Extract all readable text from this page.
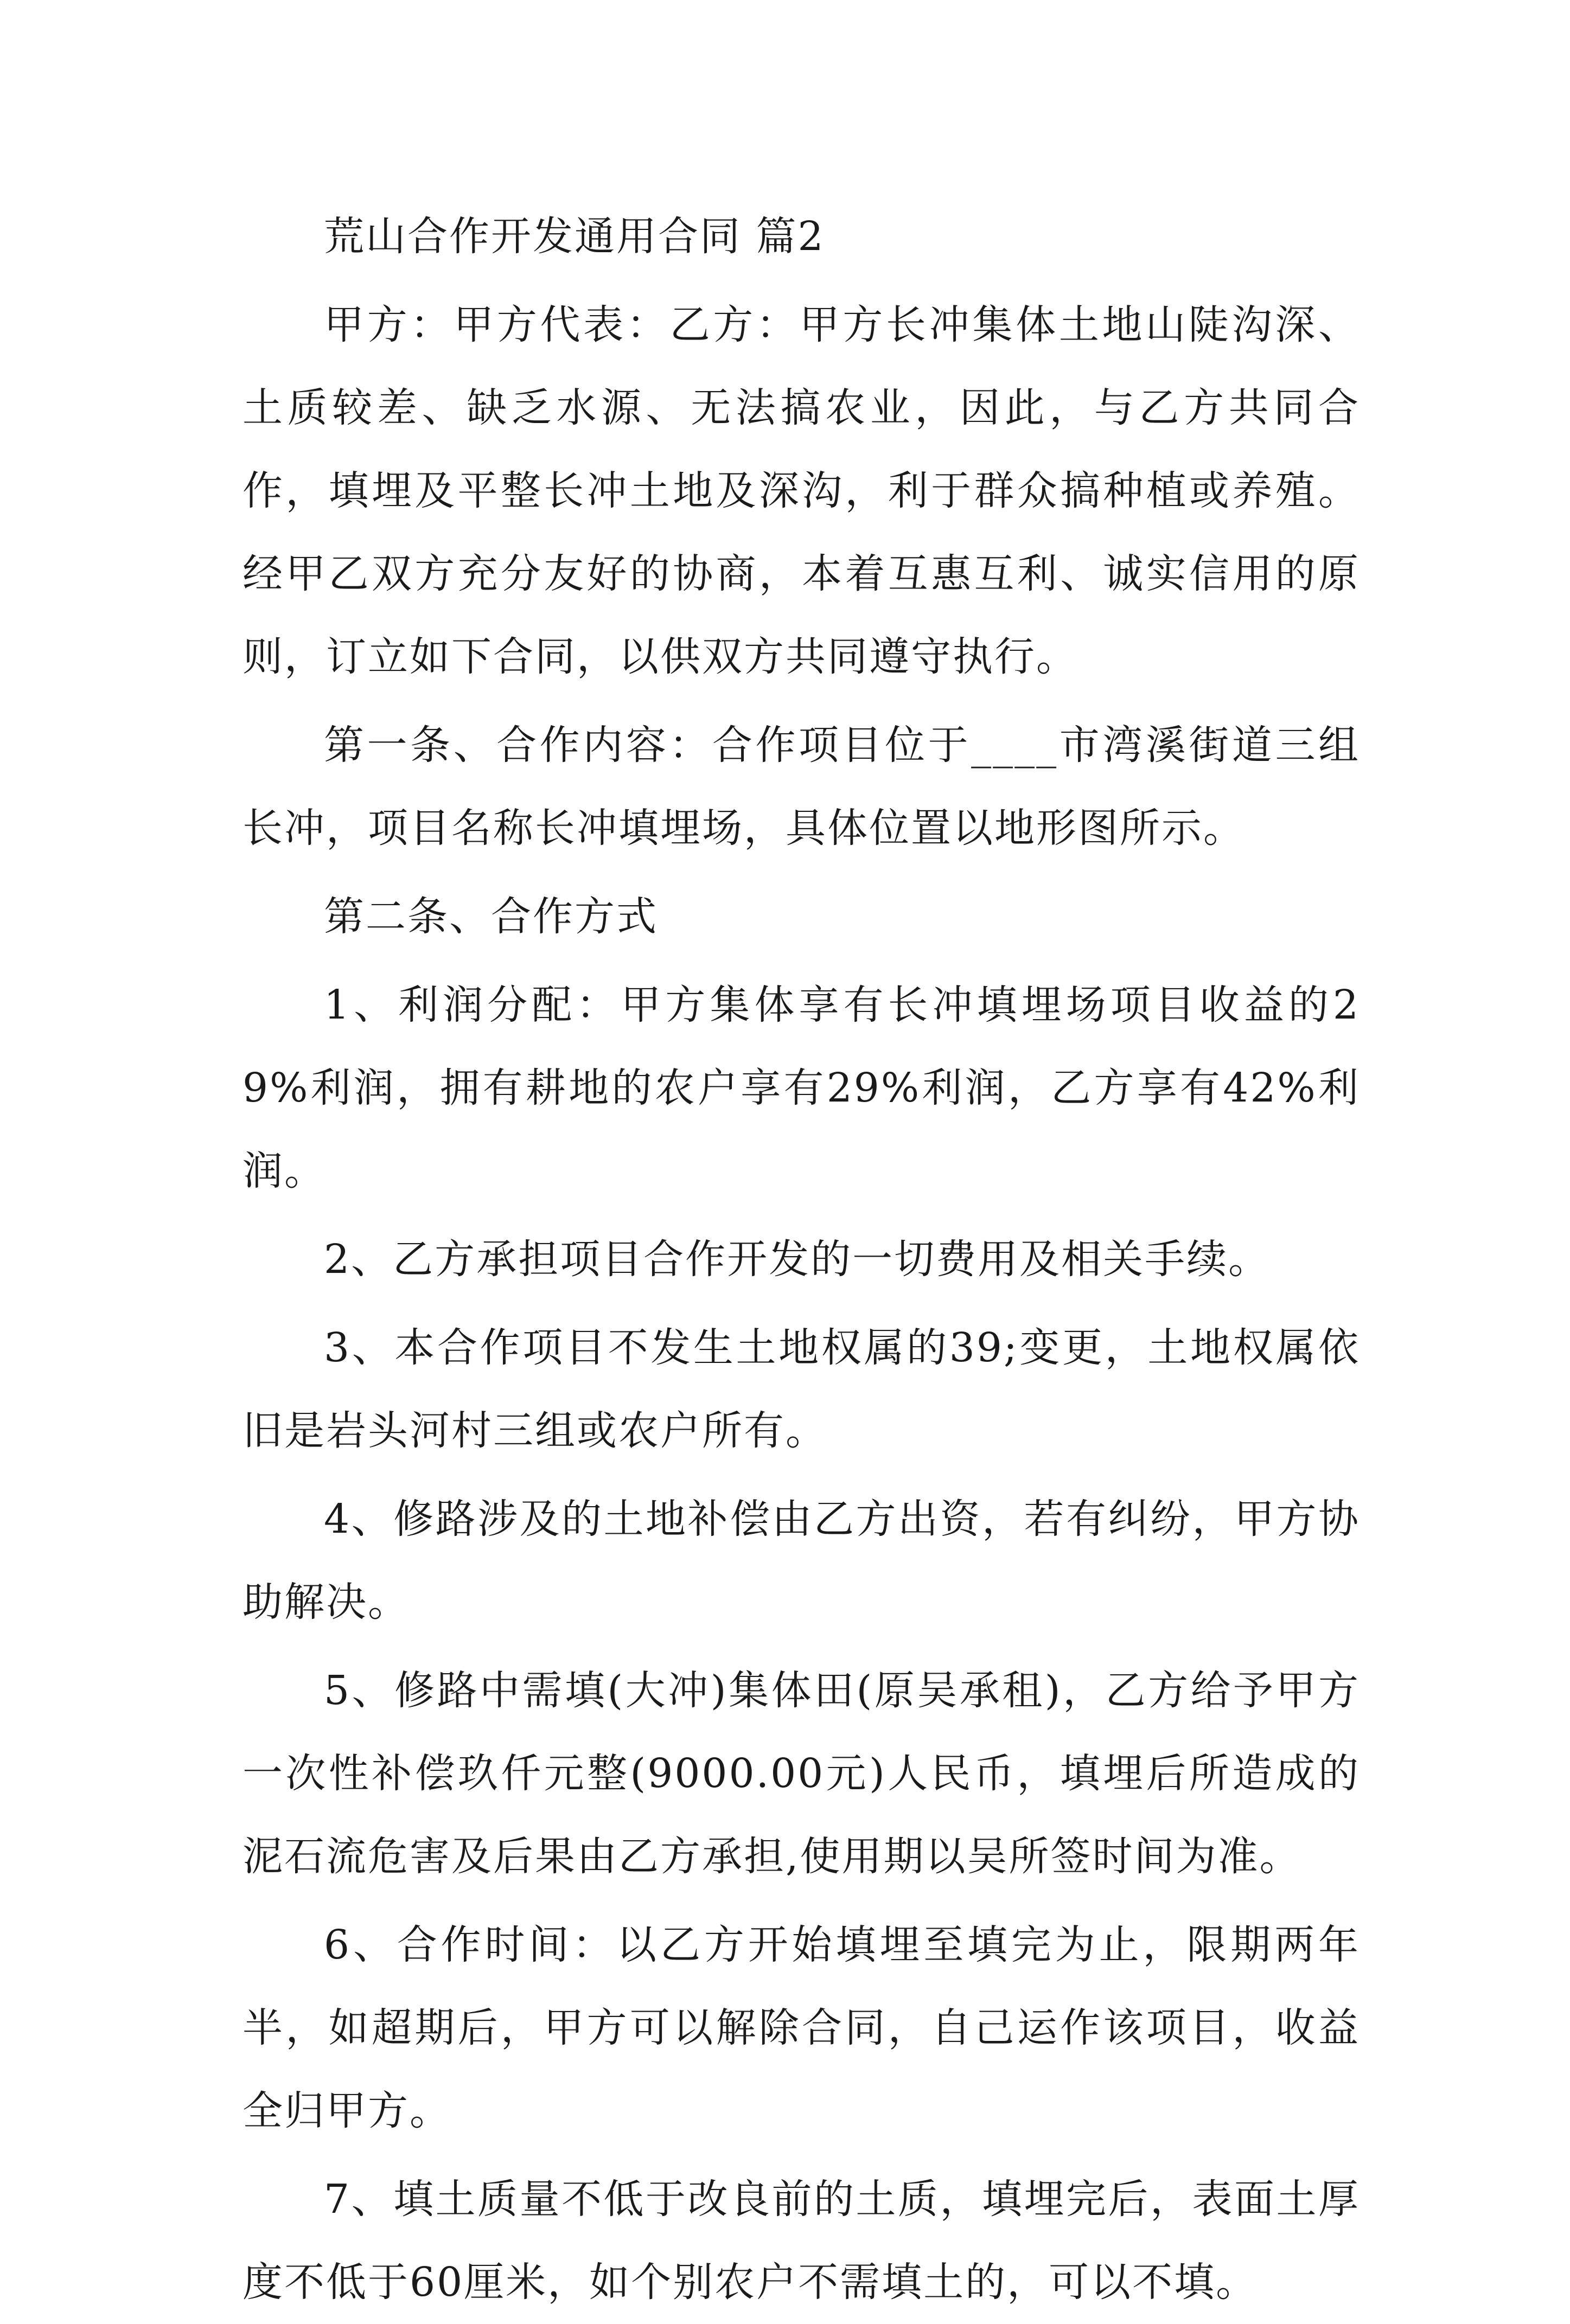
荒山合作开发通用合同 篇2

甲方：甲方代表：乙方：甲方长冲集体土地山陡沟深、土质较差、缺乏水源、无法搞农业，因此，与乙方共同合作，填埋及平整长冲土地及深沟，利于群众搞种植或养殖。经甲乙双方充分友好的协商，本着互惠互利、诚实信用的原则，订立如下合同，以供双方共同遵守执行。

第一条、合作内容：合作项目位于____市湾溪街道三组长冲，项目名称长冲填埋场，具体位置以地形图所示。

第二条、合作方式

1、利润分配：甲方集体享有长冲填埋场项目收益的29%利润，拥有耕地的农户享有29%利润，乙方享有42%利润。

2、乙方承担项目合作开发的一切费用及相关手续。

3、本合作项目不发生土地权属的39;变更，土地权属依旧是岩头河村三组或农户所有。

4、修路涉及的土地补偿由乙方出资，若有纠纷，甲方协助解决。

5、修路中需填(大冲)集体田(原吴承租)，乙方给予甲方一次性补偿玖仟元整(9000.00元)人民币，填埋后所造成的泥石流危害及后果由乙方承担,使用期以吴所签时间为准。

6、合作时间：以乙方开始填埋至填完为止，限期两年半，如超期后，甲方可以解除合同，自己运作该项目，收益全归甲方。

7、填土质量不低于改良前的土质，填埋完后，表面土厚度不低于60厘米，如个别农户不需填土的，可以不填。
